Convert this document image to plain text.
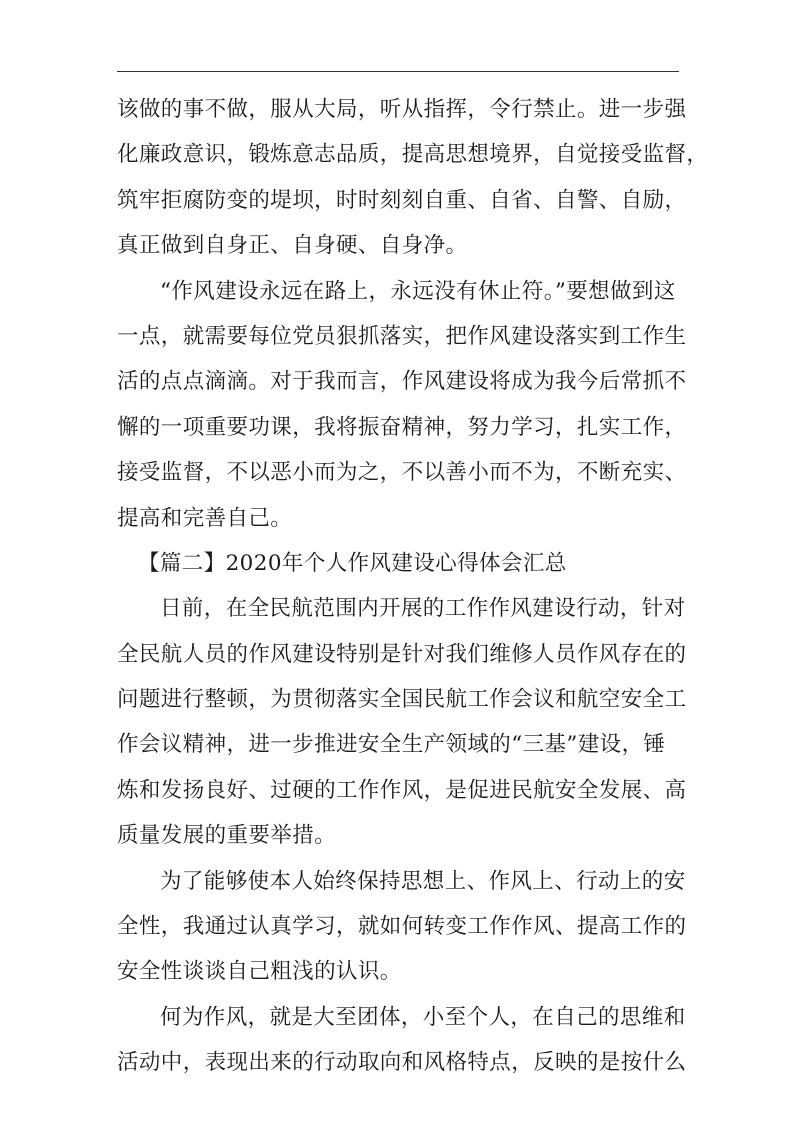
该做的事不做，服从大局，听从指挥，令行禁止。进一步强
化廉政意识，锻炼意志品质，提高思想境界，自觉接受监督，
筑牢拒腐防变的堤坝，时时刻刻自重、自省、自警、自励，
真正做到自身正、自身硬、自身净。
“作风建设永远在路上，永远没有休止符。”要想做到这
一点，就需要每位党员狠抓落实，把作风建设落实到工作生
活的点点滴滴。对于我而言，作风建设将成为我今后常抓不
懈的一项重要功课，我将振奋精神，努力学习，扎实工作，
接受监督，不以恶小而为之，不以善小而不为，不断充实、
提高和完善自己。
【篇二】2020年个人作风建设心得体会汇总
日前，在全民航范围内开展的工作作风建设行动，针对
全民航人员的作风建设特别是针对我们维修人员作风存在的
问题进行整顿，为贯彻落实全国民航工作会议和航空安全工
作会议精神，进一步推进安全生产领域的“三基”建设，锤
炼和发扬良好、过硬的工作作风，是促进民航安全发展、高
质量发展的重要举措。
为了能够使本人始终保持思想上、作风上、行动上的安
全性，我通过认真学习，就如何转变工作作风、提高工作的
安全性谈谈自己粗浅的认识。
何为作风，就是大至团体，小至个人，在自己的思维和
活动中，表现出来的行动取向和风格特点，反映的是按什么
